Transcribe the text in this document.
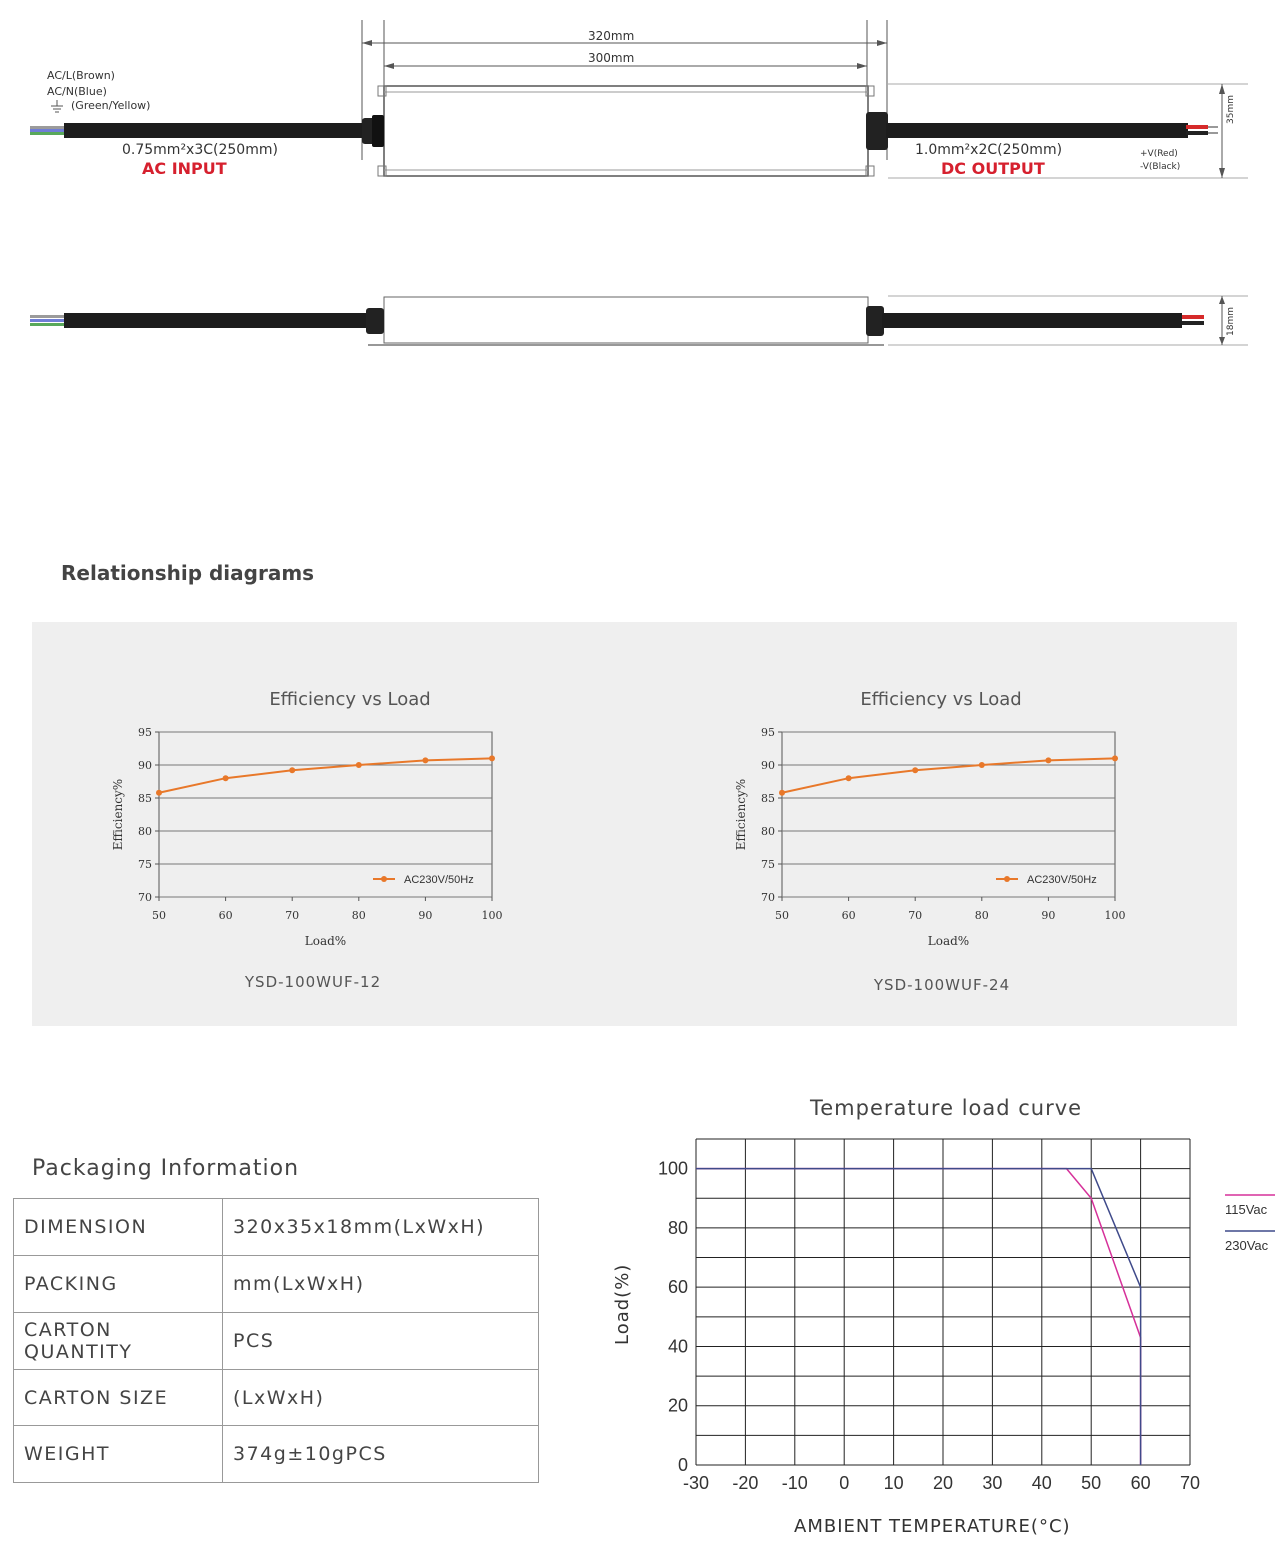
320mm
300mm
AC/L(Brown)
AC/N(Blue)
(Green/Yellow)
0.75mm²x3C(250mm)
AC INPUT
1.0mm²x2C(250mm)
DC OUTPUT
+V(Red)
-V(Black)
35mm
18mm
Relationship diagrams
Efficiency vs Load
70
75
80
85
90
95
50	60	70	80	90	100
AC230V/50Hz
Load%
Efficiency%
YSD-100WUF-12
Efficiency vs Load
70
75
80
85
90
95
50	60	70	80	90	100
AC230V/50Hz
Load%
Efficiency%
YSD-100WUF-24
Packaging Information
DIMENSION	320x35x18mm(LxWxH)
PACKING	mm(LxWxH)
CARTON QUANTITY	PCS
CARTON SIZE	(LxWxH)
WEIGHT	374g±10gPCS
Temperature load curve
-30 -20 -10 0 10 20 30 40 50 60 70
0
20
40
60
80
100
115Vac
230Vac
AMBIENT TEMPERATURE(°C)
Load(%)
